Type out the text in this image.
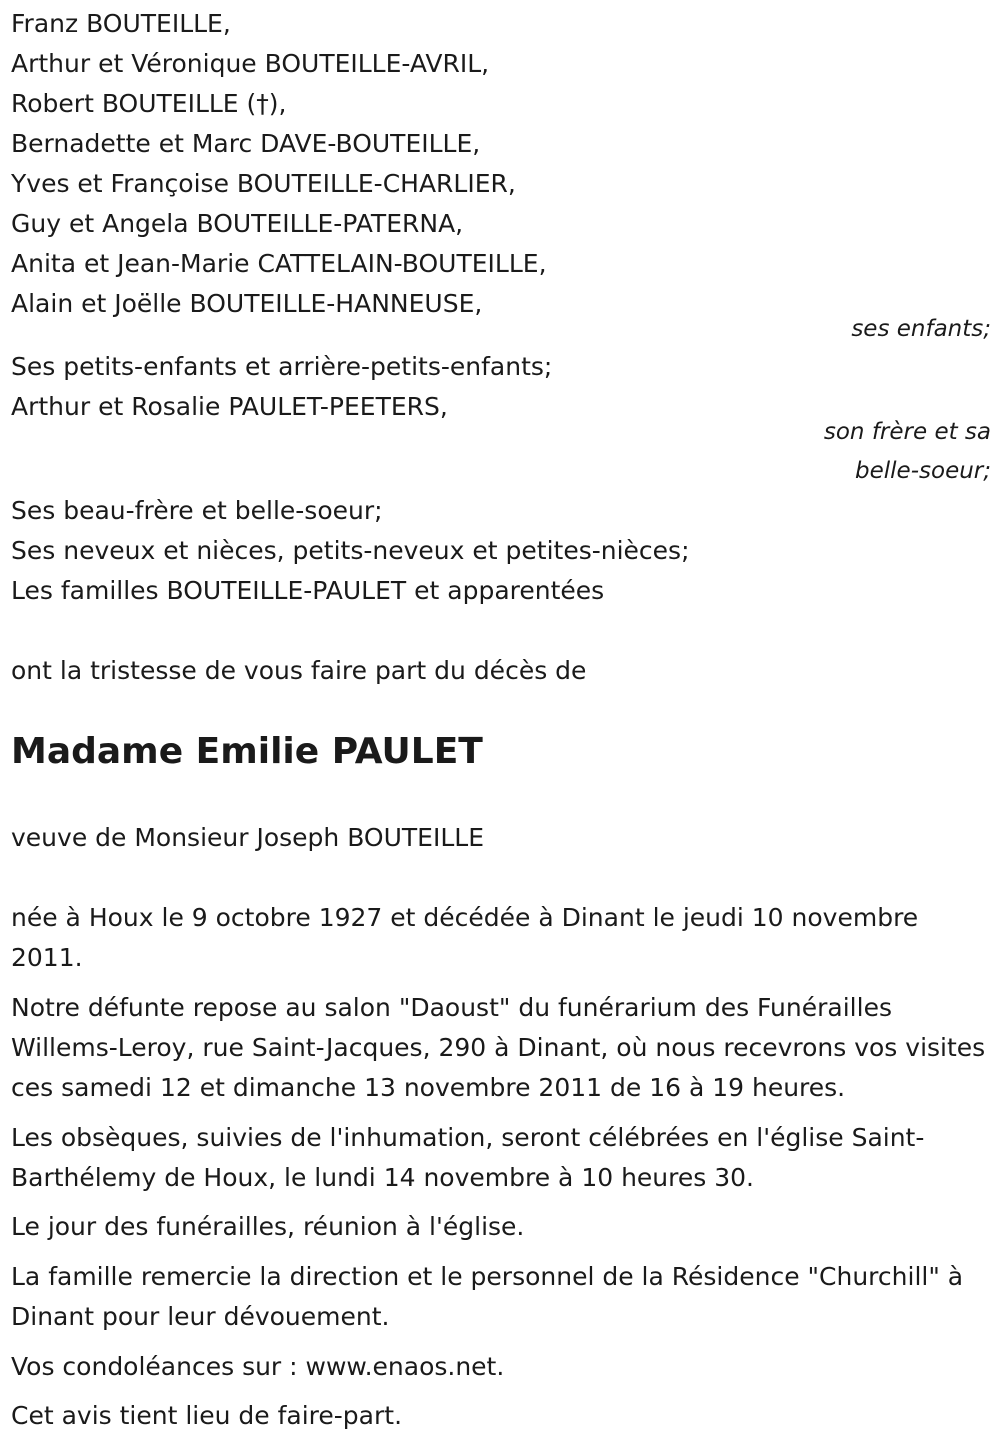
Franz BOUTEILLE,
Arthur et Véronique BOUTEILLE-AVRIL,
Robert BOUTEILLE (†),
Bernadette et Marc DAVE-BOUTEILLE,
Yves et Françoise BOUTEILLE-CHARLIER,
Guy et Angela BOUTEILLE-PATERNA,
Anita et Jean-Marie CATTELAIN-BOUTEILLE,
Alain et Joëlle BOUTEILLE-HANNEUSE,
ses enfants;
Ses petits-enfants et arrière-petits-enfants;
Arthur et Rosalie PAULET-PEETERS,
son frère et sa
belle-soeur;
Ses beau-frère et belle-soeur;
Ses neveux et nièces, petits-neveux et petites-nièces;
Les familles BOUTEILLE-PAULET et apparentées
ont la tristesse de vous faire part du décès de
Madame Emilie PAULET
veuve de Monsieur Joseph BOUTEILLE
née à Houx le 9 octobre 1927 et décédée à Dinant le jeudi 10 novembre 2011.
Notre défunte repose au salon "Daoust" du funérarium des Funérailles Willems-Leroy, rue Saint-Jacques, 290 à Dinant, où nous recevrons vos visites ces samedi 12 et dimanche 13 novembre 2011 de 16 à 19 heures.
Les obsèques, suivies de l'inhumation, seront célébrées en l'église Saint-Barthélemy de Houx, le lundi 14 novembre à 10 heures 30.
Le jour des funérailles, réunion à l'église.
La famille remercie la direction et le personnel de la Résidence "Churchill" à Dinant pour leur dévouement.
Vos condoléances sur : www.enaos.net.
Cet avis tient lieu de faire-part.
